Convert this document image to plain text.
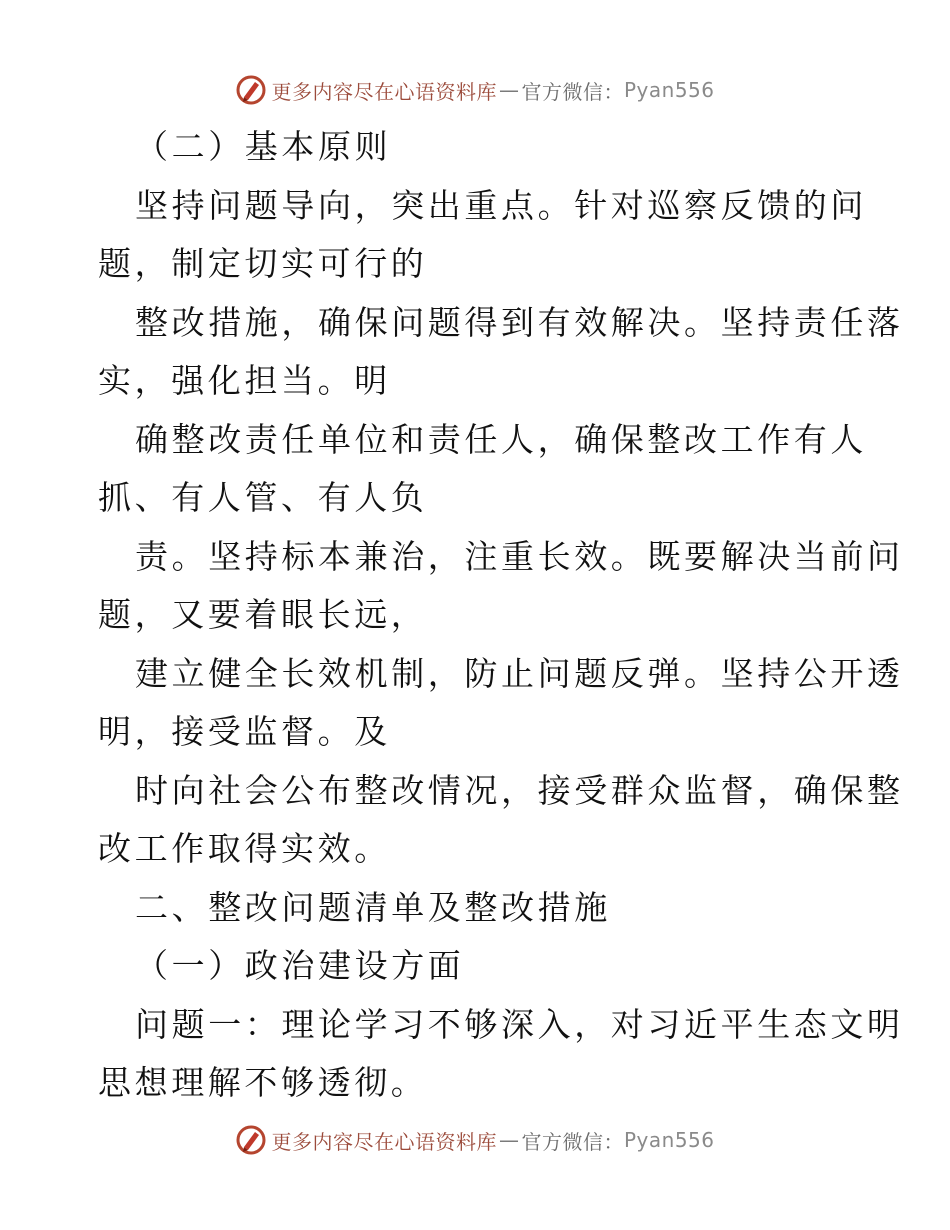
更多内容尽在心语资料库 — 官方微信： Pyan556
（二）基本原则
坚持问题导向，突出重点。针对巡察反馈的问
题，制定切实可行的
整改措施，确保问题得到有效解决。坚持责任落
实，强化担当。明
确整改责任单位和责任人，确保整改工作有人
抓、有人管、有人负
责。坚持标本兼治，注重长效。既要解决当前问
题，又要着眼长远，
建立健全长效机制，防止问题反弹。坚持公开透
明，接受监督。及
时向社会公布整改情况，接受群众监督，确保整
改工作取得实效。
二、整改问题清单及整改措施
（一）政治建设方面
问题一：理论学习不够深入，对习近平生态文明
思想理解不够透彻。
更多内容尽在心语资料库 — 官方微信： Pyan556
